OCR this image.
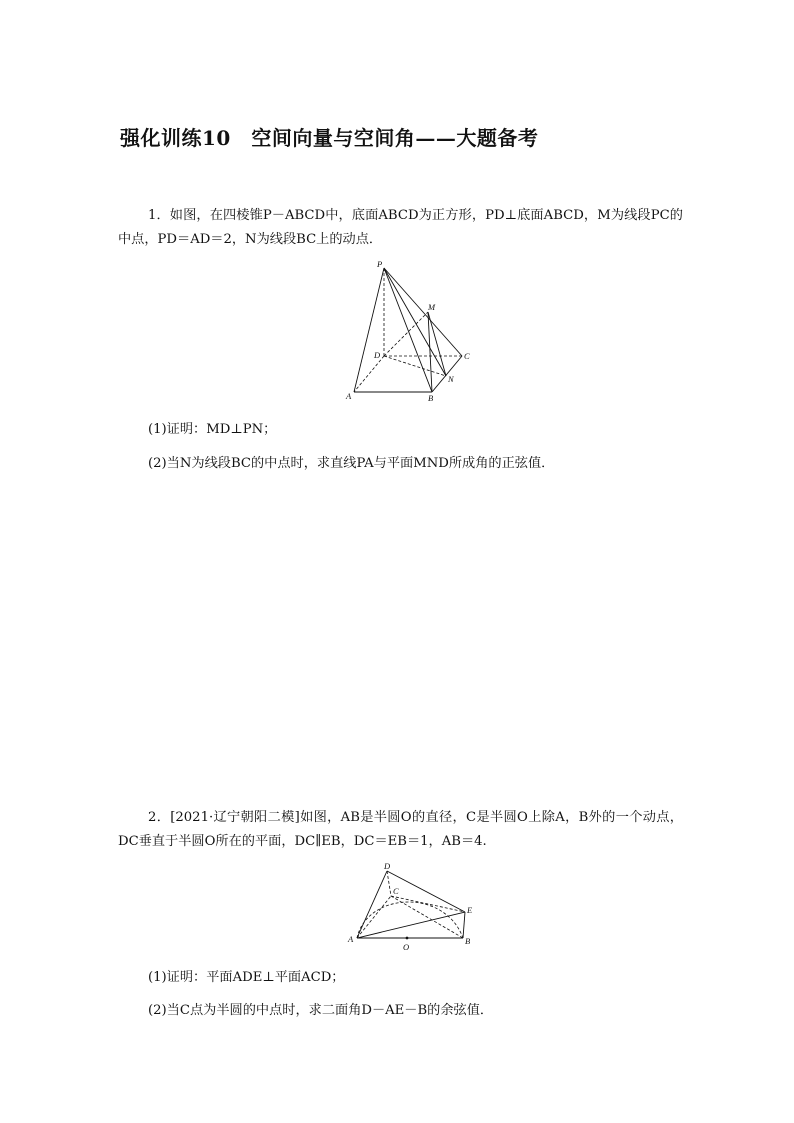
强化训练10　空间向量与空间角——大题备考
1．如图，在四棱锥P－ABCD中，底面ABCD为正方形，PD⊥底面ABCD，M为线段PC的中点，PD＝AD＝2，N为线段BC上的动点．
P
M
D	C
N
A	B
(1)证明：MD⊥PN；
(2)当N为线段BC的中点时，求直线PA与平面MND所成角的正弦值．
2．[2021·辽宁朝阳二模]如图，AB是半圆O的直径，C是半圆O上除A，B外的一个动点，DC垂直于半圆O所在的平面，DC∥EB，DC＝EB＝1，AB＝4.
D
C
E
A	B
O
(1)证明：平面ADE⊥平面ACD；
(2)当C点为半圆的中点时，求二面角D－AE－B的余弦值．
